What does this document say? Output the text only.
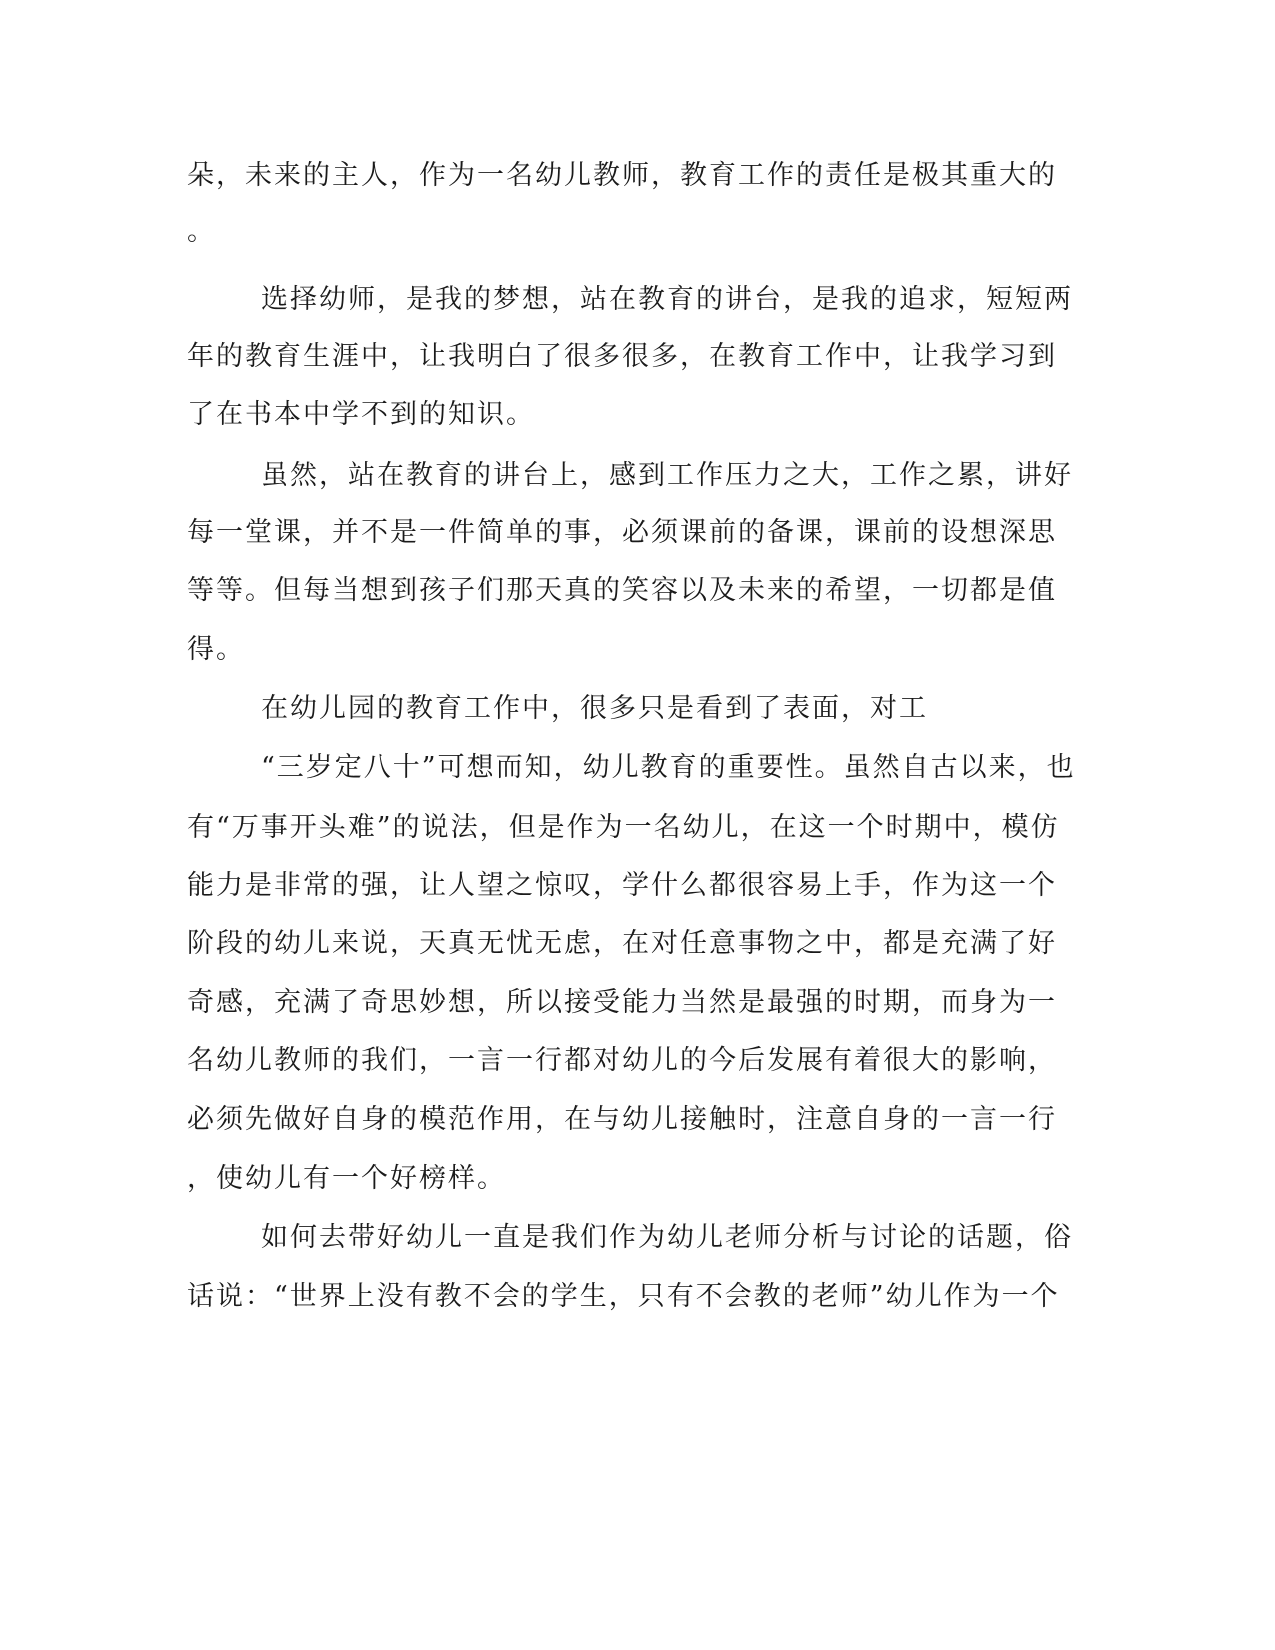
朵，未来的主人，作为一名幼儿教师，教育工作的责任是极其重大的
。
选择幼师，是我的梦想，站在教育的讲台，是我的追求，短短两
年的教育生涯中，让我明白了很多很多，在教育工作中，让我学习到
了在书本中学不到的知识。
虽然，站在教育的讲台上，感到工作压力之大，工作之累，讲好
每一堂课，并不是一件简单的事，必须课前的备课，课前的设想深思
等等。但每当想到孩子们那天真的笑容以及未来的希望，一切都是值
得。
在幼儿园的教育工作中，很多只是看到了表面，对工
“三岁定八十”可想而知，幼儿教育的重要性。虽然自古以来，也
有“万事开头难”的说法，但是作为一名幼儿，在这一个时期中，模仿
能力是非常的强，让人望之惊叹，学什么都很容易上手，作为这一个
阶段的幼儿来说，天真无忧无虑，在对任意事物之中，都是充满了好
奇感，充满了奇思妙想，所以接受能力当然是最强的时期，而身为一
名幼儿教师的我们，一言一行都对幼儿的今后发展有着很大的影响，
必须先做好自身的模范作用，在与幼儿接触时，注意自身的一言一行
，使幼儿有一个好榜样。
如何去带好幼儿一直是我们作为幼儿老师分析与讨论的话题，俗
话说：“世界上没有教不会的学生，只有不会教的老师”幼儿作为一个
